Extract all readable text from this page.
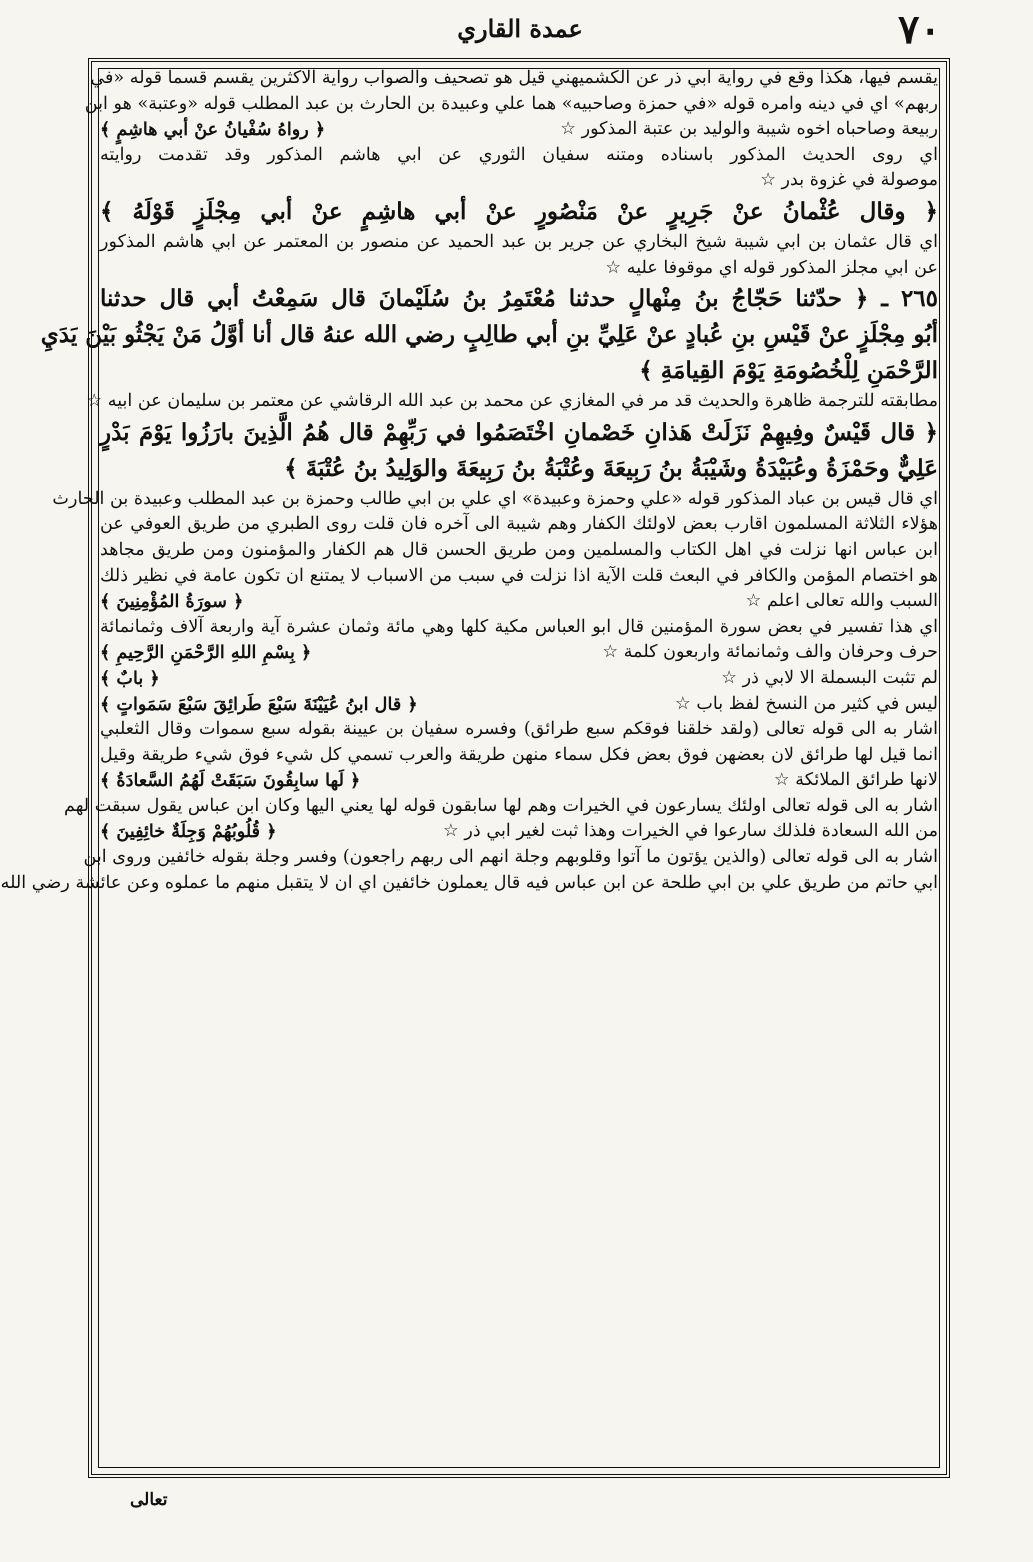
٧٠
عمدة القاري
يقسم فيها، هكذا وقع في رواية ابي ذر عن الكشميهني قيل هو تصحيف والصواب رواية الاكثرين يقسم قسما قوله «في
ربهم» اي في دينه وامره قوله «في حمزة وصاحبيه» هما علي وعبيدة بن الحارث بن عبد المطلب قوله «وعتبة» هو ابن
ربيعة وصاحباه اخوه شيبة والوليد بن عتبة المذكور ☆
﴿ رواهُ سُفْيانُ عنْ أبي هاشِمٍ ﴾
اي روى الحديث المذكور باسناده ومتنه سفيان الثوري عن ابي هاشم المذكور وقد تقدمت روايته
موصولة في غزوة بدر ☆
﴿ وقال عُثْمانُ عنْ جَرِيرٍ عنْ مَنْصُورٍ عنْ أبي هاشِمٍ عنْ أبي مِجْلَزٍ قَوْلَهُ ﴾
اي قال عثمان بن ابي شيبة شيخ البخاري عن جرير بن عبد الحميد عن منصور بن المعتمر عن ابي هاشم المذكور
عن ابي مجلز المذكور قوله اي موقوفا عليه ☆
٢٦٥ ـ ﴿ حدّثنا حَجّاجُ بنُ مِنْهالٍ حدثنا مُعْتَمِرُ بنُ سُلَيْمانَ قال سَمِعْتُ أبي قال حدثنا
أبُو مِجْلَزٍ عنْ قَيْسِ بنِ عُبادٍ عنْ عَلِيِّ بنِ أبي طالِبٍ رضي الله عنهُ قال أنا أوَّلُ مَنْ يَجْثُو بَيْنَ يَدَيِ
الرَّحْمَنِ لِلْخُصُومَةِ يَوْمَ القِيامَةِ ﴾
مطابقته للترجمة ظاهرة والحديث قد مر في المغازي عن محمد بن عبد الله الرقاشي عن معتمر بن سليمان عن ابيه ☆
﴿ قال قَيْسٌ وفِيهِمْ نَزَلَتْ هَذانِ خَصْمانِ اخْتَصَمُوا في رَبِّهِمْ قال هُمُ الَّذِينَ بارَزُوا يَوْمَ بَدْرٍ
عَلِيٌّ وحَمْزَةُ وعُبَيْدَةُ وشَيْبَةُ بنُ رَبِيعَةَ وعُتْبَةُ بنُ رَبِيعَةَ والوَلِيدُ بنُ عُتْبَةَ ﴾
اي قال قيس بن عباد المذكور قوله «علي وحمزة وعبيدة» اي علي بن ابي طالب وحمزة بن عبد المطلب وعبيدة بن الحارث
هؤلاء الثلاثة المسلمون اقارب بعض لاولئك الكفار وهم شيبة الى آخره فان قلت روى الطبري من طريق العوفي عن
ابن عباس انها نزلت في اهل الكتاب والمسلمين ومن طريق الحسن قال هم الكفار والمؤمنون ومن طريق مجاهد
هو اختصام المؤمن والكافر في البعث قلت الآية اذا نزلت في سبب من الاسباب لا يمتنع ان تكون عامة في نظير ذلك
السبب والله تعالى اعلم ☆
﴿ سورَةُ المُؤْمِنِينَ ﴾
اي هذا تفسير في بعض سورة المؤمنين قال ابو العباس مكية كلها وهي مائة وثمان عشرة آية واربعة آلاف وثمانمائة
حرف وحرفان والف وثمانمائة واربعون كلمة ☆
﴿ بِسْمِ اللهِ الرَّحْمَنِ الرَّحِيمِ ﴾
لم تثبت البسملة الا لابي ذر ☆
﴿ بابٌ ﴾
ليس في كثير من النسخ لفظ باب ☆
﴿ قال ابنُ عُيَيْنَةَ سَبْعَ طَرائِقَ سَبْعَ سَمَواتٍ ﴾
اشار به الى قوله تعالى (ولقد خلقنا فوقكم سبع طرائق) وفسره سفيان بن عيينة بقوله سبع سموات وقال الثعلبي
انما قيل لها طرائق لان بعضهن فوق بعض فكل سماء منهن طريقة والعرب تسمي كل شيء فوق شيء طريقة وقيل
لانها طرائق الملائكة ☆
﴿ لَها سابِقُونَ سَبَقَتْ لَهُمُ السَّعادَةُ ﴾
اشار به الى قوله تعالى اولئك يسارعون في الخيرات وهم لها سابقون قوله لها يعني اليها وكان ابن عباس يقول سبقت لهم
من الله السعادة فلذلك سارعوا في الخيرات وهذا ثبت لغير ابي ذر ☆
﴿ قُلُوبُهُمْ وَجِلَةٌ خائِفِينَ ﴾
اشار به الى قوله تعالى (والذين يؤتون ما آتوا وقلوبهم وجلة انهم الى ربهم راجعون) وفسر وجلة بقوله خائفين وروى ابن
ابي حاتم من طريق علي بن ابي طلحة عن ابن عباس فيه قال يعملون خائفين اي ان لا يتقبل منهم ما عملوه وعن عائشة رضي الله
تعالى
